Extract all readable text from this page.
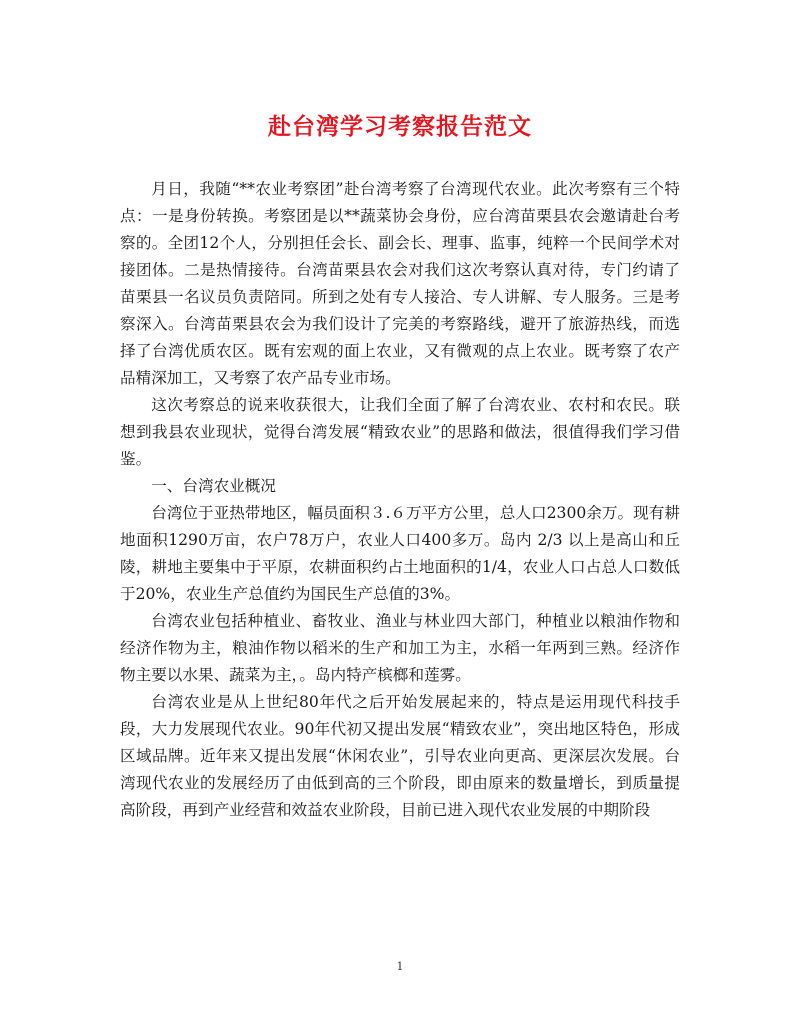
赴台湾学习考察报告范文

月日，我随“**农业考察团”赴台湾考察了台湾现代农业。此次考察有三个特点：一是身份转换。考察团是以**蔬菜协会身份，应台湾苗栗县农会邀请赴台考察的。全团12个人，分别担任会长、副会长、理事、监事，纯粹一个民间学术对接团体。二是热情接待。台湾苗栗县农会对我们这次考察认真对待，专门约请了苗栗县一名议员负责陪同。所到之处有专人接洽、专人讲解、专人服务。三是考察深入。台湾苗栗县农会为我们设计了完美的考察路线，避开了旅游热线，而选择了台湾优质农区。既有宏观的面上农业，又有微观的点上农业。既考察了农产品精深加工，又考察了农产品专业市场。

这次考察总的说来收获很大，让我们全面了解了台湾农业、农村和农民。联想到我县农业现状，觉得台湾发展“精致农业”的思路和做法，很值得我们学习借鉴。

一、台湾农业概况

台湾位于亚热带地区，幅员面积３.６万平方公里，总人口2300余万。现有耕地面积1290万亩，农户78万户，农业人口400多万。岛内 2/3 以上是高山和丘陵，耕地主要集中于平原，农耕面积约占土地面积的1/4，农业人口占总人口数低于20%，农业生产总值约为国民生产总值的3%。

台湾农业包括种植业、畜牧业、渔业与林业四大部门，种植业以粮油作物和经济作物为主，粮油作物以稻米的生产和加工为主，水稻一年两到三熟。经济作物主要以水果、蔬菜为主，。岛内特产槟榔和莲雾。

台湾农业是从上世纪80年代之后开始发展起来的，特点是运用现代科技手段，大力发展现代农业。90年代初又提出发展“精致农业”，突出地区特色，形成区域品牌。近年来又提出发展“休闲农业”，引导农业向更高、更深层次发展。台湾现代农业的发展经历了由低到高的三个阶段，即由原来的数量增长，到质量提高阶段，再到产业经营和效益农业阶段，目前已进入现代农业发展的中期阶段

1
